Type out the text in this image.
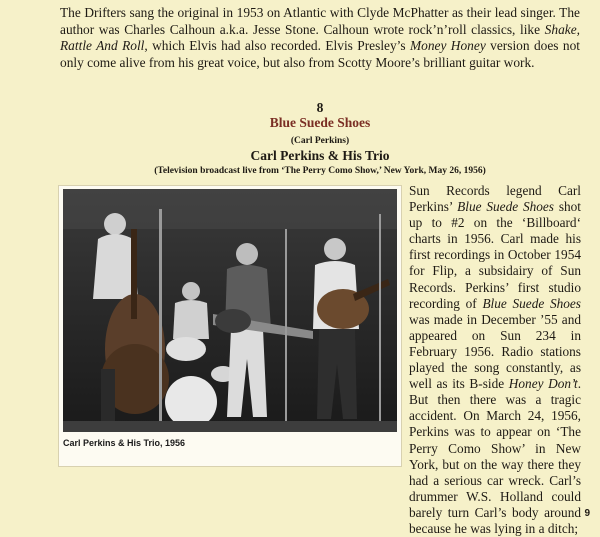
The Drifters sang the original in 1953 on Atlantic with Clyde McPhatter as their lead singer. The author was Charles Calhoun a.k.a. Jesse Stone. Calhoun wrote rock’n’roll classics, like Shake, Rattle And Roll, which Elvis had also recorded. Elvis Presley’s Money Honey version does not only come alive from his great voice, but also from Scotty Moore’s brilliant guitar work.

8
Blue Suede Shoes
(Carl Perkins)
Carl Perkins & His Trio
(Television broadcast live from ‘The Perry Como Show,’ New York, May 26, 1956)
Carl Perkins & His Trio, 1956

Sun Records legend Carl Perkins’ Blue Suede Shoes shot up to #2 on the ‘Billboard‘ charts in 1956. Carl made his first recordings in October 1954 for Flip, a subsidairy of Sun Records. Perkins’ first studio recording of Blue Suede Shoes was made in December ’55 and appeared on Sun 234 in February 1956. Radio stations played the song constantly, as well as its B-side Honey Don’t. But then there was a tragic accident. On March 24, 1956, Perkins was to appear on ‘The Perry Como Show’ in New York, but on the way there they had a serious car wreck. Carl’s drummer W.S. Holland could barely turn Carl’s body around because he was lying in a ditch;

9
